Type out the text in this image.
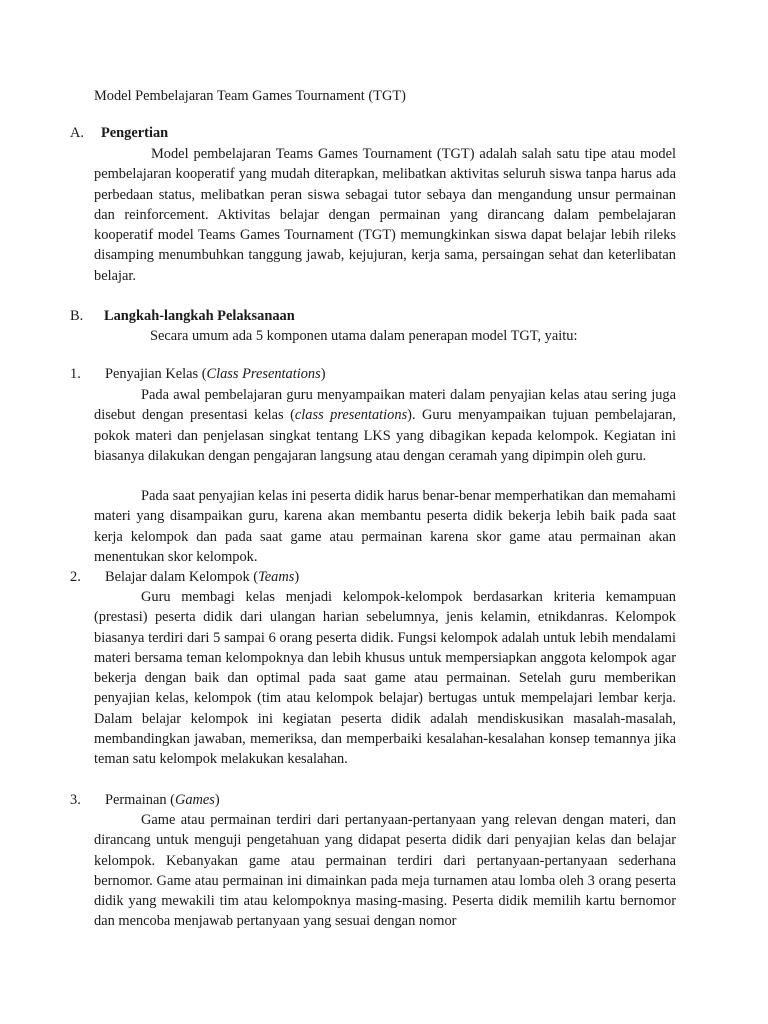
Model Pembelajaran Team Games Tournament (TGT)
A. Pengertian

Model pembelajaran Teams Games Tournament (TGT) adalah salah satu tipe atau model pembelajaran kooperatif yang mudah diterapkan, melibatkan aktivitas seluruh siswa tanpa harus ada perbedaan status, melibatkan peran siswa sebagai tutor sebaya dan mengandung unsur permainan dan reinforcement. Aktivitas belajar dengan permainan yang dirancang dalam pembelajaran kooperatif model Teams Games Tournament (TGT) memungkinkan siswa dapat belajar lebih rileks disamping menumbuhkan tanggung jawab, kejujuran, kerja sama, persaingan sehat dan keterlibatan belajar.

B. Langkah-langkah Pelaksanaan
Secara umum ada 5 komponen utama dalam penerapan model TGT, yaitu:
1. Penyajian Kelas (Class Presentations)

Pada awal pembelajaran guru menyampaikan materi dalam penyajian kelas atau sering juga disebut dengan presentasi kelas (class presentations). Guru menyampaikan tujuan pembelajaran, pokok materi dan penjelasan singkat tentang LKS yang dibagikan kepada kelompok. Kegiatan ini biasanya dilakukan dengan pengajaran langsung atau dengan ceramah yang dipimpin oleh guru.

Pada saat penyajian kelas ini peserta didik harus benar-benar memperhatikan dan memahami materi yang disampaikan guru, karena akan membantu peserta didik bekerja lebih baik pada saat kerja kelompok dan pada saat game atau permainan karena skor game atau permainan akan menentukan skor kelompok.

2. Belajar dalam Kelompok (Teams)

Guru membagi kelas menjadi kelompok-kelompok berdasarkan kriteria kemampuan (prestasi) peserta didik dari ulangan harian sebelumnya, jenis kelamin, etnikdanras. Kelompok biasanya terdiri dari 5 sampai 6 orang peserta didik. Fungsi kelompok adalah untuk lebih mendalami materi bersama teman kelompoknya dan lebih khusus untuk mempersiapkan anggota kelompok agar bekerja dengan baik dan optimal pada saat game atau permainan. Setelah guru memberikan penyajian kelas, kelompok (tim atau kelompok belajar) bertugas untuk mempelajari lembar kerja. Dalam belajar kelompok ini kegiatan peserta didik adalah mendiskusikan masalah-masalah, membandingkan jawaban, memeriksa, dan memperbaiki kesalahan-kesalahan konsep temannya jika teman satu kelompok melakukan kesalahan.

3. Permainan (Games)

Game atau permainan terdiri dari pertanyaan-pertanyaan yang relevan dengan materi, dan dirancang untuk menguji pengetahuan yang didapat peserta didik dari penyajian kelas dan belajar kelompok. Kebanyakan game atau permainan terdiri dari pertanyaan-pertanyaan sederhana bernomor. Game atau permainan ini dimainkan pada meja turnamen atau lomba oleh 3 orang peserta didik yang mewakili tim atau kelompoknya masing-masing. Peserta didik memilih kartu bernomor dan mencoba menjawab pertanyaan yang sesuai dengan nomor
